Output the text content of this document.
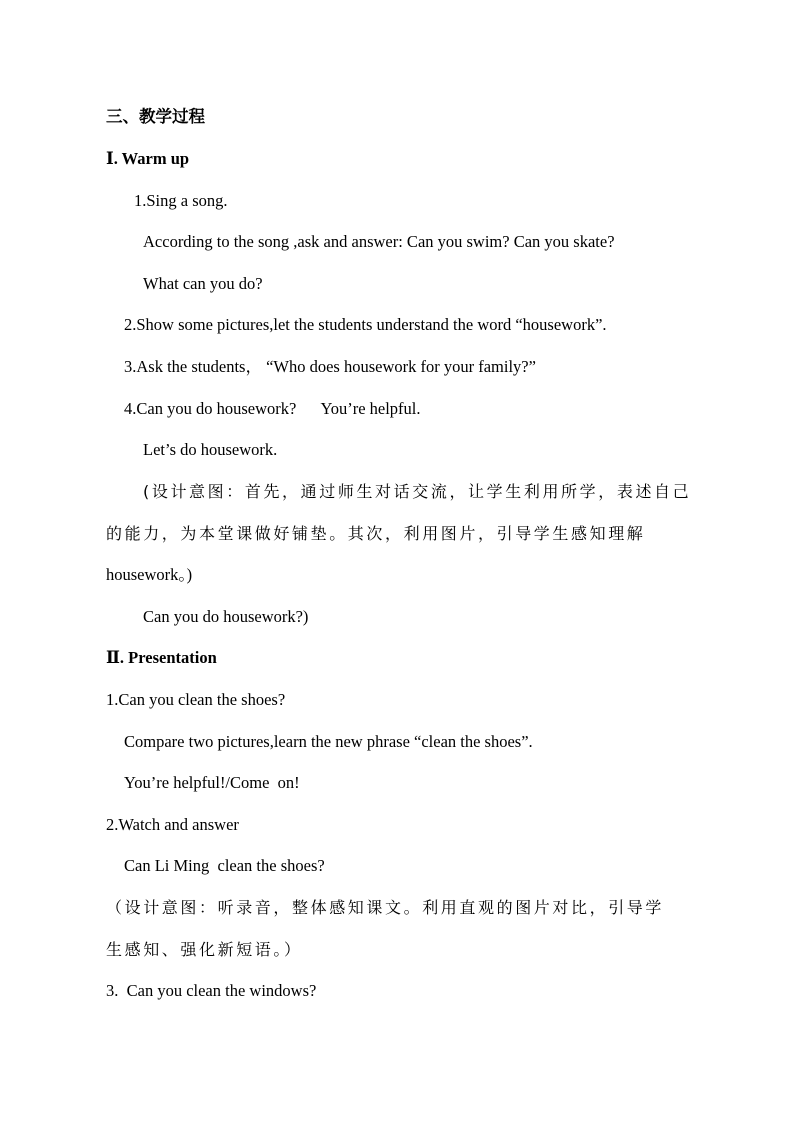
三、教学过程
Ⅰ. Warm up
1.Sing a song.
According to the song ,ask and answer: Can you swim? Can you skate?
What can you do?
2.Show some pictures,let the students understand the word “housework”.
3.Ask the students， “Who does housework for your family?”
4.Can you do housework?      You’re helpful.
Let’s do housework.
(设计意图：首先，通过师生对话交流，让学生利用所学，表述自己
的能力，为本堂课做好铺垫。其次，利用图片，引导学生感知理解
housework。)
Can you do housework?)
Ⅱ. Presentation
1.Can you clean the shoes?
Compare two pictures,learn the new phrase “clean the shoes”.
You’re helpful!/Come  on!
2.Watch and answer
Can Li Ming  clean the shoes?
（设计意图：听录音，整体感知课文。利用直观的图片对比，引导学
生感知、强化新短语。）
3.  Can you clean the windows?
